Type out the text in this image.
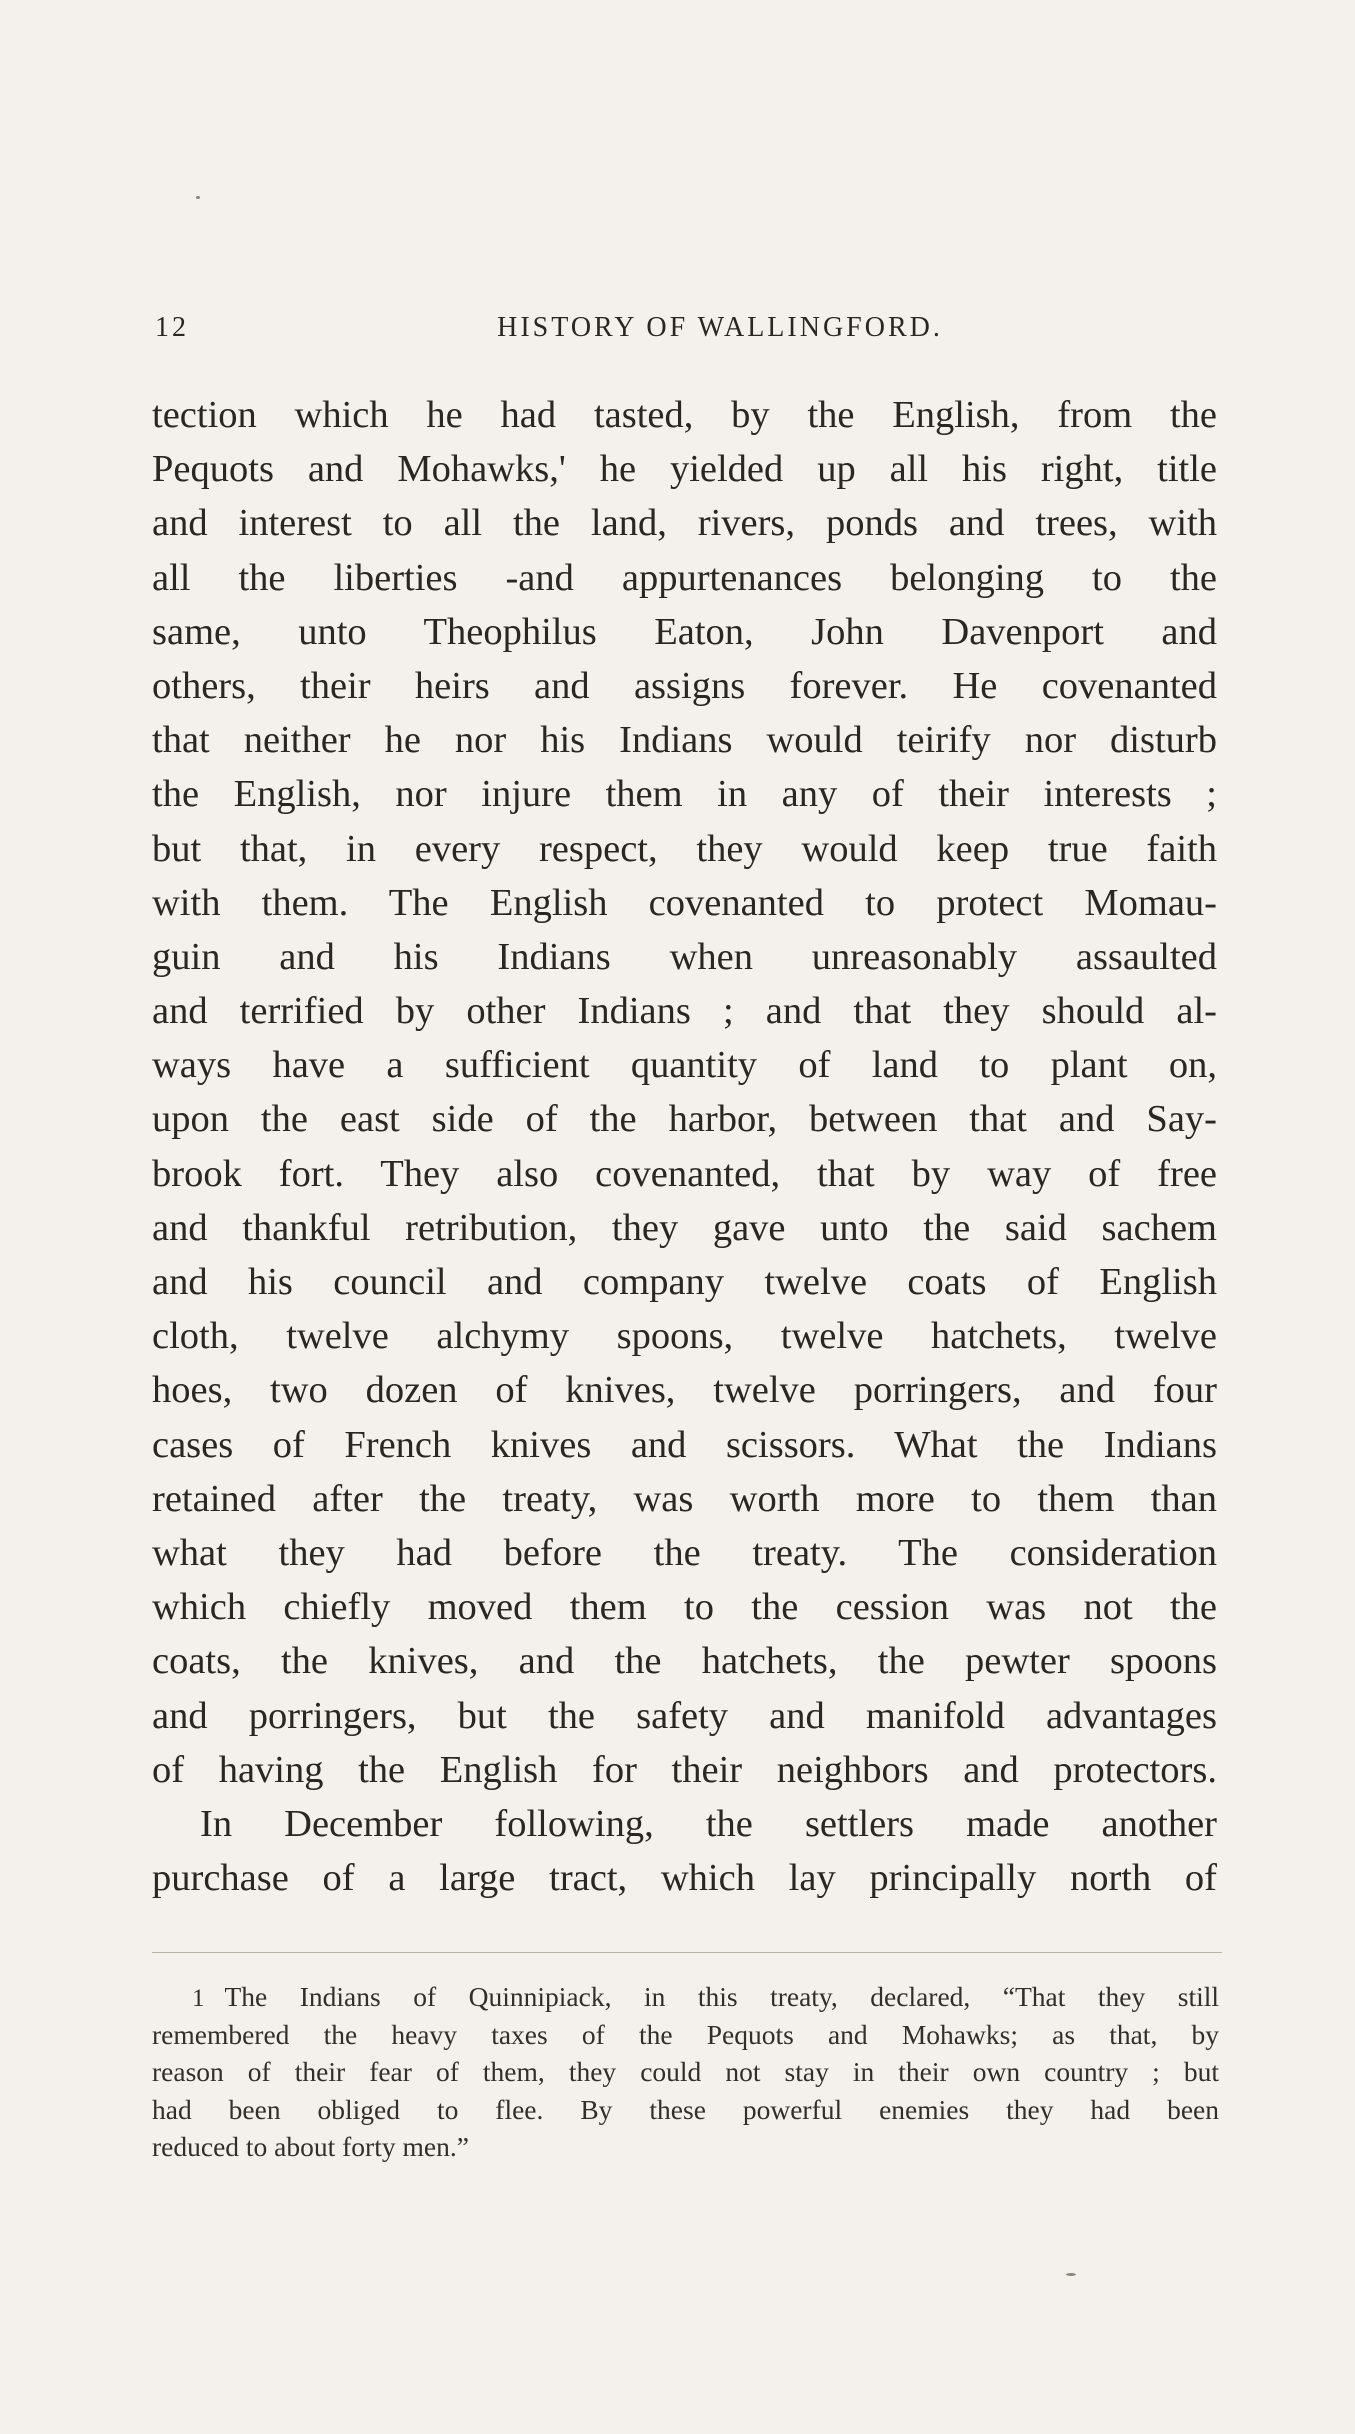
12	HISTORY OF WALLINGFORD.
tection which he had tasted, by the English, from the
Pequots and Mohawks,' he yielded up all his right, title
and interest to all the land, rivers, ponds and trees, with
all the liberties -and appurtenances belonging to the
same, unto Theophilus Eaton, John Davenport and
others, their heirs and assigns forever. He covenanted
that neither he nor his Indians would teirify nor disturb
the English, nor injure them in any of their interests ;
but that, in every respect, they would keep true faith
with them. The English covenanted to protect Momau-
guin and his Indians when unreasonably assaulted
and terrified by other Indians ; and that they should al-
ways have a sufficient quantity of land to plant on,
upon the east side of the harbor, between that and Say-
brook fort. They also covenanted, that by way of free
and thankful retribution, they gave unto the said sachem
and his council and company twelve coats of English
cloth, twelve alchymy spoons, twelve hatchets, twelve
hoes, two dozen of knives, twelve porringers, and four
cases of French knives and scissors. What the Indians
retained after the treaty, was worth more to them than
what they had before the treaty. The consideration
which chiefly moved them to the cession was not the
coats, the knives, and the hatchets, the pewter spoons
and porringers, but the safety and manifold advantages
of having the English for their neighbors and protectors.
In December following, the settlers made another
purchase of a large tract, which lay principally north of
1 The Indians of Quinnipiack, in this treaty, declared, “That they still
remembered the heavy taxes of the Pequots and Mohawks; as that, by
reason of their fear of them, they could not stay in their own country ; but
had been obliged to flee. By these powerful enemies they had been
reduced to about forty men.”
